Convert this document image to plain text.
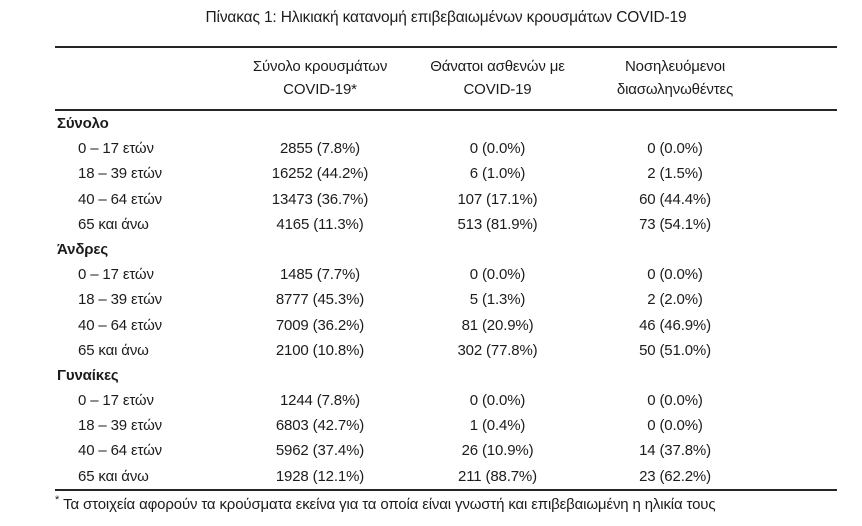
Πίνακας 1: Ηλικιακή κατανομή επιβεβαιωμένων κρουσμάτων COVID-19
Σύνολο κρουσμάτων
COVID-19*
Θάνατοι ασθενών με
COVID-19
Νοσηλευόμενοι
διασωληνωθέντες
Σύνολο
0 – 17 ετών	2855 (7.8%)	0 (0.0%)	0 (0.0%)
18 – 39 ετών	16252 (44.2%)	6 (1.0%)	2 (1.5%)
40 – 64 ετών	13473 (36.7%)	107 (17.1%)	60 (44.4%)
65 και άνω	4165 (11.3%)	513 (81.9%)	73 (54.1%)
Άνδρες
0 – 17 ετών	1485 (7.7%)	0 (0.0%)	0 (0.0%)
18 – 39 ετών	8777 (45.3%)	5 (1.3%)	2 (2.0%)
40 – 64 ετών	7009 (36.2%)	81 (20.9%)	46 (46.9%)
65 και άνω	2100 (10.8%)	302 (77.8%)	50 (51.0%)
Γυναίκες
0 – 17 ετών	1244 (7.8%)	0 (0.0%)	0 (0.0%)
18 – 39 ετών	6803 (42.7%)	1 (0.4%)	0 (0.0%)
40 – 64 ετών	5962 (37.4%)	26 (10.9%)	14 (37.8%)
65 και άνω	1928 (12.1%)	211 (88.7%)	23 (62.2%)
* Τα στοιχεία αφορούν τα κρούσματα εκείνα για τα οποία είναι γνωστή και επιβεβαιωμένη η ηλικία τους
